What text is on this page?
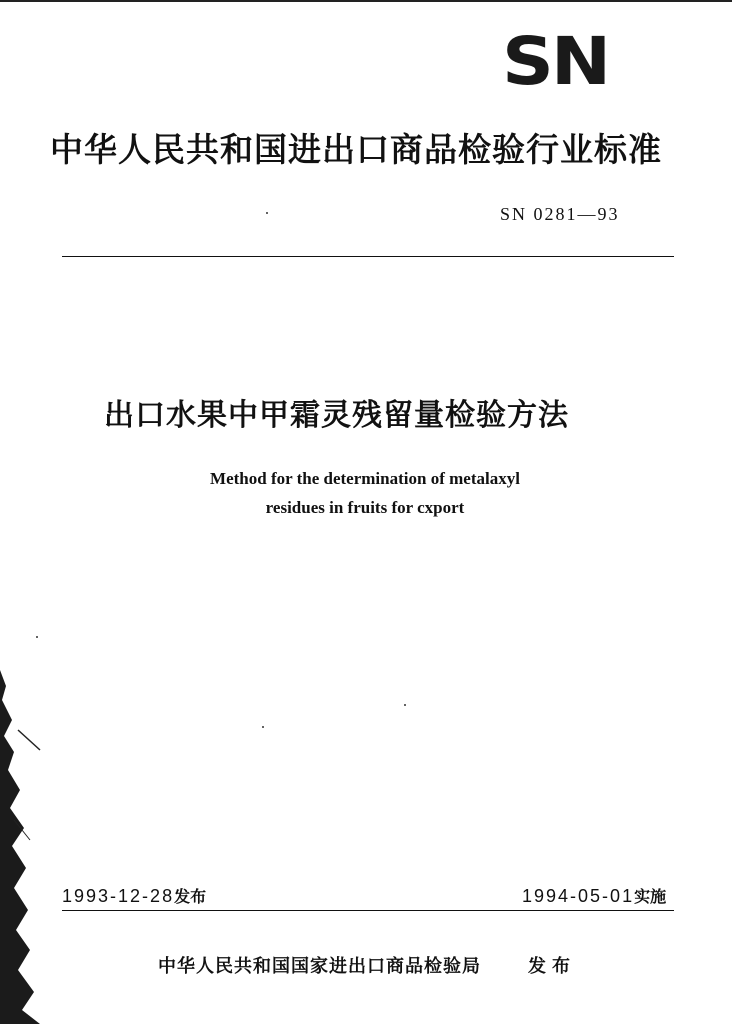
SN
中华人民共和国进出口商品检验行业标准
SN 0281—93
出口水果中甲霜灵残留量检验方法
Method for the determination of metalaxyl
residues in fruits for cxport
1993-12-28发布	1994-05-01实施
中华人民共和国国家进出口商品检验局	发布
